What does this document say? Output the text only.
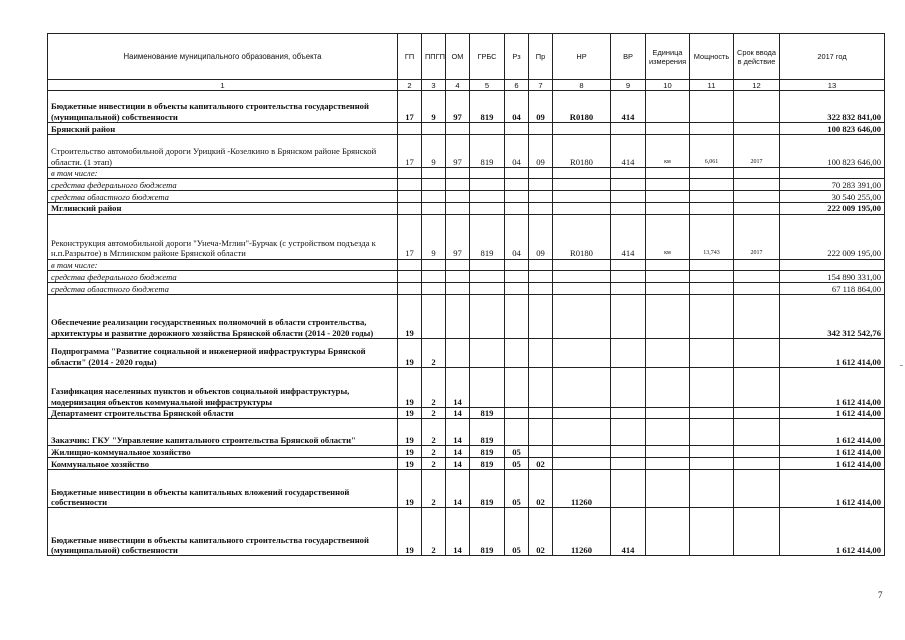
Наименование муниципального образования, объекта	ГП	ППГП	ОМ	ГРБС	Рз	Пр	НР	ВР	Единица измерения	Мощность	Срок ввода в действие	2017 год
1	2	3	4	5	6	7	8	9	10	11	12	13
Бюджетные инвестиции в объекты капитального строительства государственной (муниципальной) собственности	17	9	97	819	04	09	R0180	414				322 832 841,00
Брянский район												100 823 646,00
Строительство автомобильной дороги Урицкий -Козелкино в Брянском районе Брянской области. (1 этап)	17	9	97	819	04	09	R0180	414	км	6,061	2017	100 823 646,00
в том числе:												
средства федерального бюджета												70 283 391,00
средства областного бюджета												30 540 255,00
Мглинский район												222 009 195,00
Реконструкция автомобильной дороги "Унеча-Мглин"-Бурчак (с устройством подъезда к н.п.Разрытое) в Мглинском районе Брянской области	17	9	97	819	04	09	R0180	414	км	13,743	2017	222 009 195,00
в том числе:												
средства федерального бюджета												154 890 331,00
средства областного бюджета												67 118 864,00
Обеспечение реализации государственных полномочий в области строительства, архитектуры и развитие дорожного хозяйства Брянской области (2014 - 2020 годы)	19											342 312 542,76
Подпрограмма "Развитие социальной и инженерной инфраструктуры Брянской области" (2014 - 2020 годы)	19	2										1 612 414,00
Газификация населенных пунктов и объектов социальной инфраструктуры, модернизация объектов коммунальной инфраструктуры	19	2	14									1 612 414,00
Департамент строительства Брянской области	19	2	14	819								1 612 414,00
Заказчик: ГКУ "Управление капитального строительства Брянской области"	19	2	14	819								1 612 414,00
Жилищно-коммунальное хозяйство	19	2	14	819	05							1 612 414,00
Коммунальное хозяйство	19	2	14	819	05	02						1 612 414,00
Бюджетные инвестиции в объекты капитальных вложений государственной собственности	19	2	14	819	05	02	11260					1 612 414,00
Бюджетные инвестиции в объекты капитального строительства государственной (муниципальной) собственности	19	2	14	819	05	02	11260	414				1 612 414,00
7
